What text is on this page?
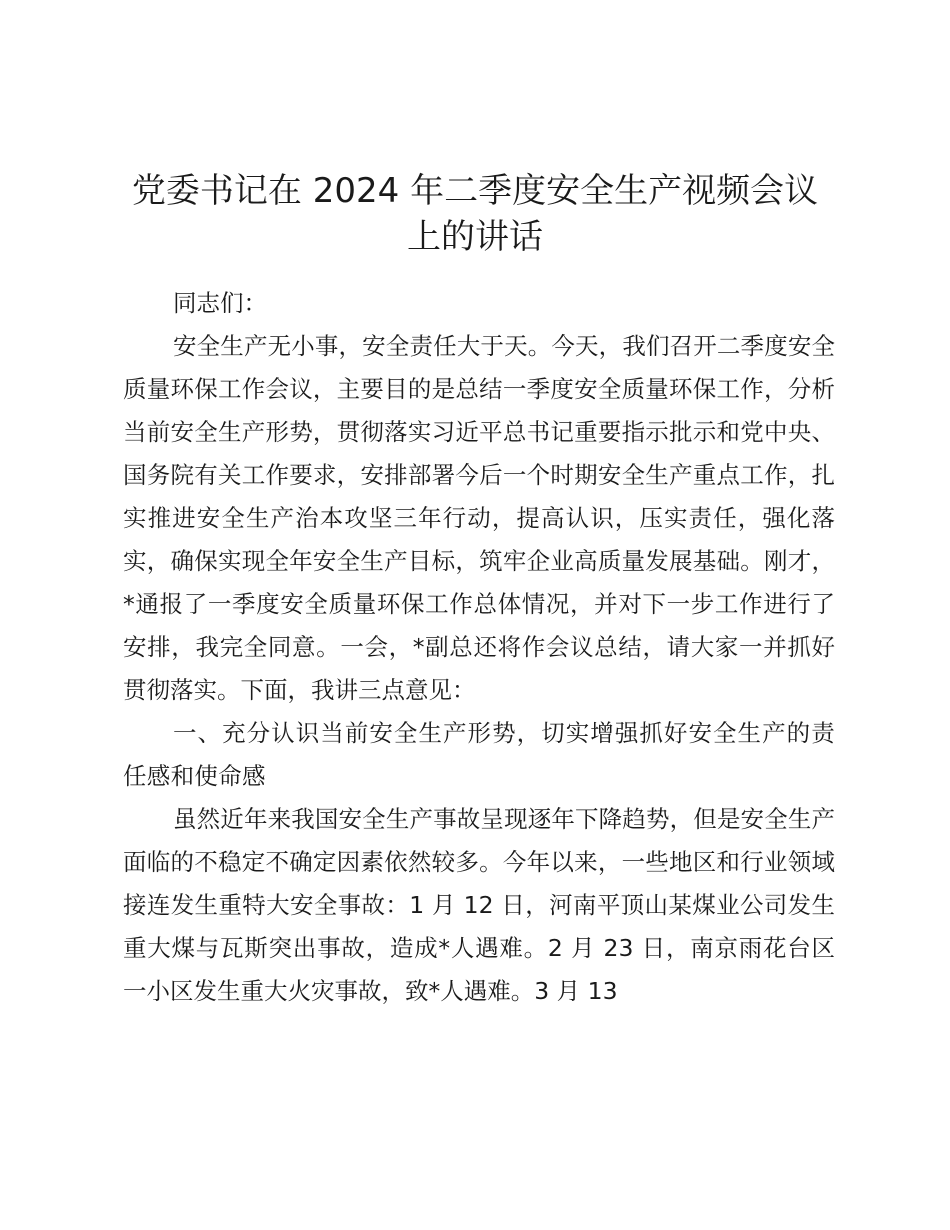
党委书记在 2024 年二季度安全生产视频会议
上的讲话

同志们：

安全生产无小事，安全责任大于天。今天，我们召开二季度安全质量环保工作会议，主要目的是总结一季度安全质量环保工作，分析当前安全生产形势，贯彻落实习近平总书记重要指示批示和党中央、国务院有关工作要求，安排部署今后一个时期安全生产重点工作，扎实推进安全生产治本攻坚三年行动，提高认识，压实责任，强化落实，确保实现全年安全生产目标，筑牢企业高质量发展基础。刚才，*通报了一季度安全质量环保工作总体情况，并对下一步工作进行了安排，我完全同意。一会，*副总还将作会议总结，请大家一并抓好贯彻落实。下面，我讲三点意见：

一、充分认识当前安全生产形势，切实增强抓好安全生产的责任感和使命感

虽然近年来我国安全生产事故呈现逐年下降趋势，但是安全生产面临的不稳定不确定因素依然较多。今年以来，一些地区和行业领域接连发生重特大安全事故：1 月 12 日，河南平顶山某煤业公司发生重大煤与瓦斯突出事故，造成*人遇难。2 月 23 日，南京雨花台区一小区发生重大火灾事故，致*人遇难。3 月 13
